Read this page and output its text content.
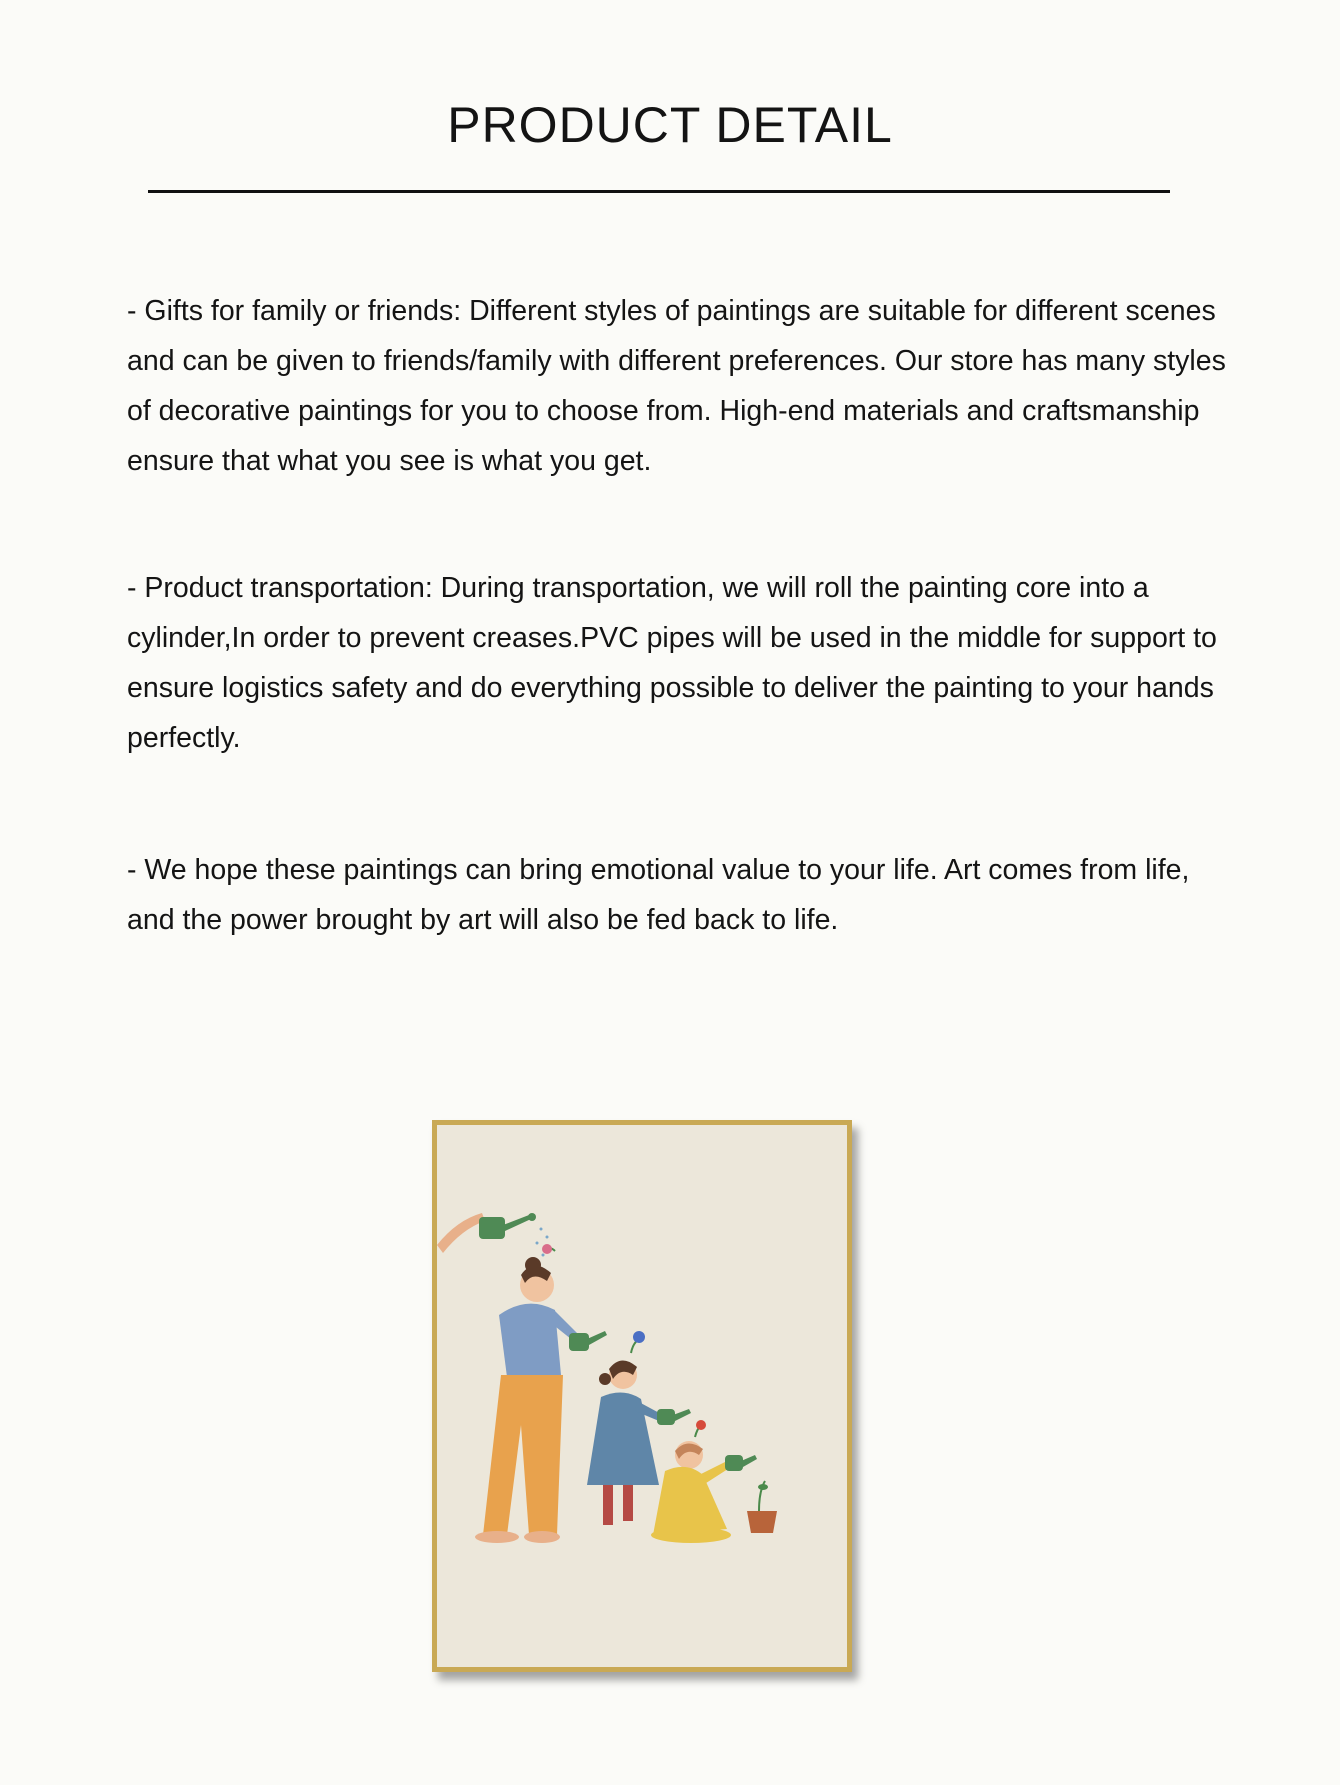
PRODUCT DETAIL

- Gifts for family or friends: Different styles of paintings are suitable for different scenes and can be given to friends/family with different preferences. Our store has many styles of decorative paintings for you to choose from. High-end materials and craftsmanship ensure that what you see is what you get.

- Product transportation: During transportation, we will roll the painting core into a cylinder,In order to prevent creases.PVC pipes will be used in the middle for support to ensure logistics safety and do everything possible to deliver the painting to your hands perfectly.

- We hope these paintings can bring emotional value to your life. Art comes from life, and the power brought by art will also be fed back to life.
